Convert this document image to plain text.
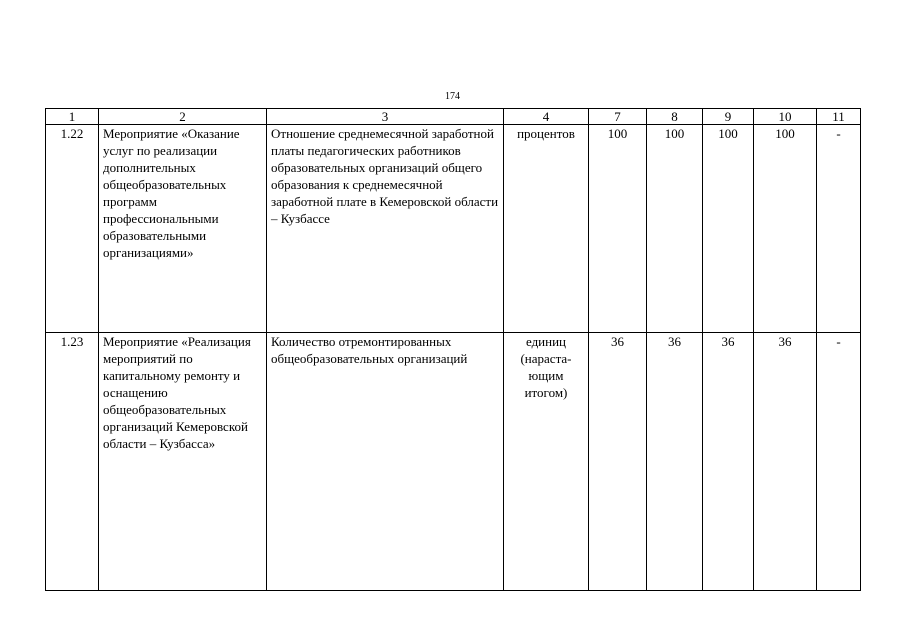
174
1	2	3	4	7	8	9	10	11
1.22	Мероприятие «Оказание услуг по реализации дополнительных общеобразовательных программ профессиональными образовательными организациями»	Отношение среднемесячной заработной платы педагогических работников образовательных организаций общего образования к среднемесячной заработной плате в Кемеровской области – Кузбассе	процентов	100	100	100	100	-
1.23	Мероприятие «Реализация мероприятий по капитальному ремонту и оснащению общеобразовательных организаций Кемеровской области – Кузбасса»	Количество отремонтированных общеобразовательных организаций	единиц (нараста- ющим итогом)	36	36	36	36	-
